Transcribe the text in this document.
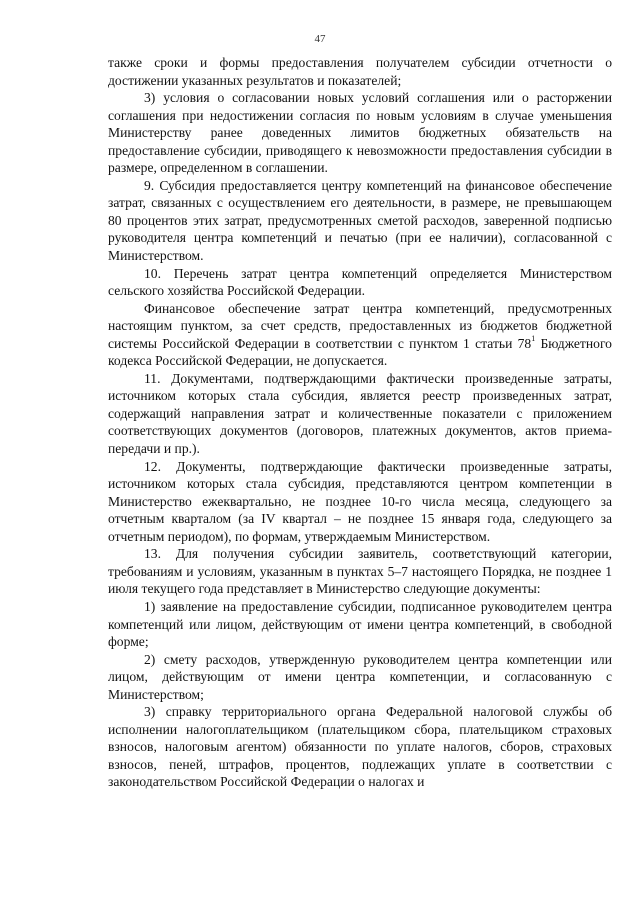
47

также сроки и формы предоставления получателем субсидии отчетности о достижении указанных результатов и показателей;

3) условия о согласовании новых условий соглашения или о расторжении соглашения при недостижении согласия по новым условиям в случае уменьшения Министерству ранее доведенных лимитов бюджетных обязательств на предоставление субсидии, приводящего к невозможности предоставления субсидии в размере, определенном в соглашении.

9. Субсидия предоставляется центру компетенций на финансовое обеспечение затрат, связанных с осуществлением его деятельности, в размере, не превышающем 80 процентов этих затрат, предусмотренных сметой расходов, заверенной подписью руководителя центра компетенций и печатью (при ее наличии), согласованной с Министерством.

10. Перечень затрат центра компетенций определяется Министерством сельского хозяйства Российской Федерации.

Финансовое обеспечение затрат центра компетенций, предусмотренных настоящим пунктом, за счет средств, предоставленных из бюджетов бюджетной системы Российской Федерации в соответствии с пунктом 1 статьи $78^1$ Бюджетного кодекса Российской Федерации, не допускается.

11. Документами, подтверждающими фактически произведенные затраты, источником которых стала субсидия, является реестр произведенных затрат, содержащий направления затрат и количественные показатели с приложением соответствующих документов (договоров, платежных документов, актов приема-передачи и пр.).

12. Документы, подтверждающие фактически произведенные затраты, источником которых стала субсидия, представляются центром компетенции в Министерство ежеквартально, не позднее 10-го числа месяца, следующего за отчетным кварталом (за IV квартал – не позднее 15 января года, следующего за отчетным периодом), по формам, утверждаемым Министерством.

13. Для получения субсидии заявитель, соответствующий категории, требованиям и условиям, указанным в пунктах 5–7 настоящего Порядка, не позднее 1 июля текущего года представляет в Министерство следующие документы:

1) заявление на предоставление субсидии, подписанное руководителем центра компетенций или лицом, действующим от имени центра компетенций, в свободной форме;

2) смету расходов, утвержденную руководителем центра компетенции или лицом, действующим от имени центра компетенции, и согласованную с Министерством;

3) справку территориального органа Федеральной налоговой службы об исполнении налогоплательщиком (плательщиком сбора, плательщиком страховых взносов, налоговым агентом) обязанности по уплате налогов, сборов, страховых взносов, пеней, штрафов, процентов, подлежащих уплате в соответствии с законодательством Российской Федерации о налогах и
